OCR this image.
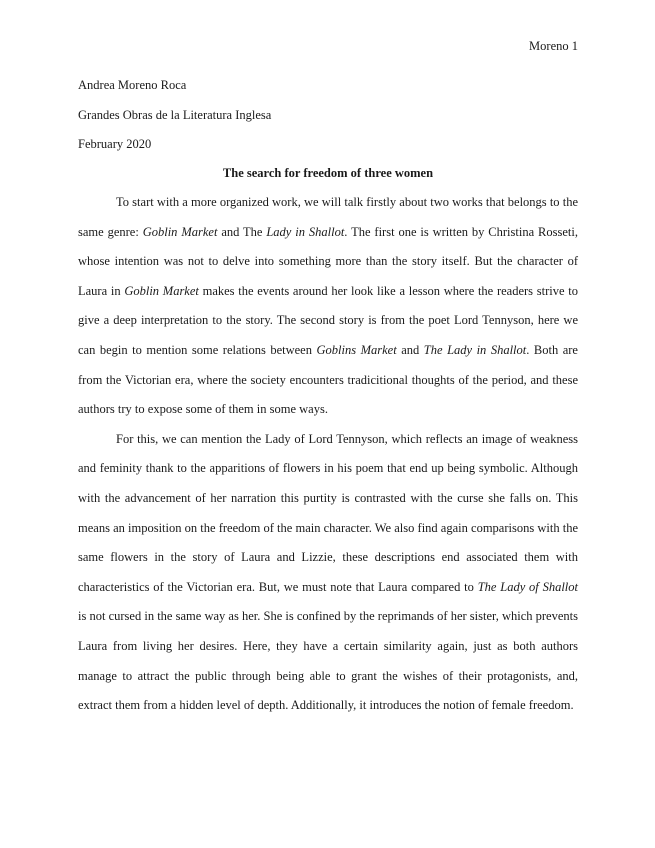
Moreno 1
Andrea Moreno Roca
Grandes Obras de la Literatura Inglesa
February 2020
The search for freedom of three women

To start with a more organized work, we will talk firstly about two works that belongs to the same genre: Goblin Market and The Lady in Shallot. The first one is written by Christina Rosseti, whose intention was not to delve into something more than the story itself. But the character of Laura in Goblin Market makes the events around her look like a lesson where the readers strive to give a deep interpretation to the story. The second story is from the poet Lord Tennyson, here we can begin to mention some relations between Goblins Market and The Lady in Shallot. Both are from the Victorian era, where the society encounters tradicitional thoughts of the period, and these authors try to expose some of them in some ways.

For this, we can mention the Lady of Lord Tennyson, which reflects an image of weakness and feminity thank to the apparitions of flowers in his poem that end up being symbolic. Although with the advancement of her narration this purtity is contrasted with the curse she falls on. This means an imposition on the freedom of the main character. We also find again comparisons with the same flowers in the story of Laura and Lizzie, these descriptions end associated them with characteristics of the Victorian era. But, we must note that Laura compared to The Lady of Shallot is not cursed in the same way as her. She is confined by the reprimands of her sister, which prevents Laura from living her desires. Here, they have a certain similarity again, just as both authors manage to attract the public through being able to grant the wishes of their protagonists, and, extract them from a hidden level of depth. Additionally, it introduces the notion of female freedom.
